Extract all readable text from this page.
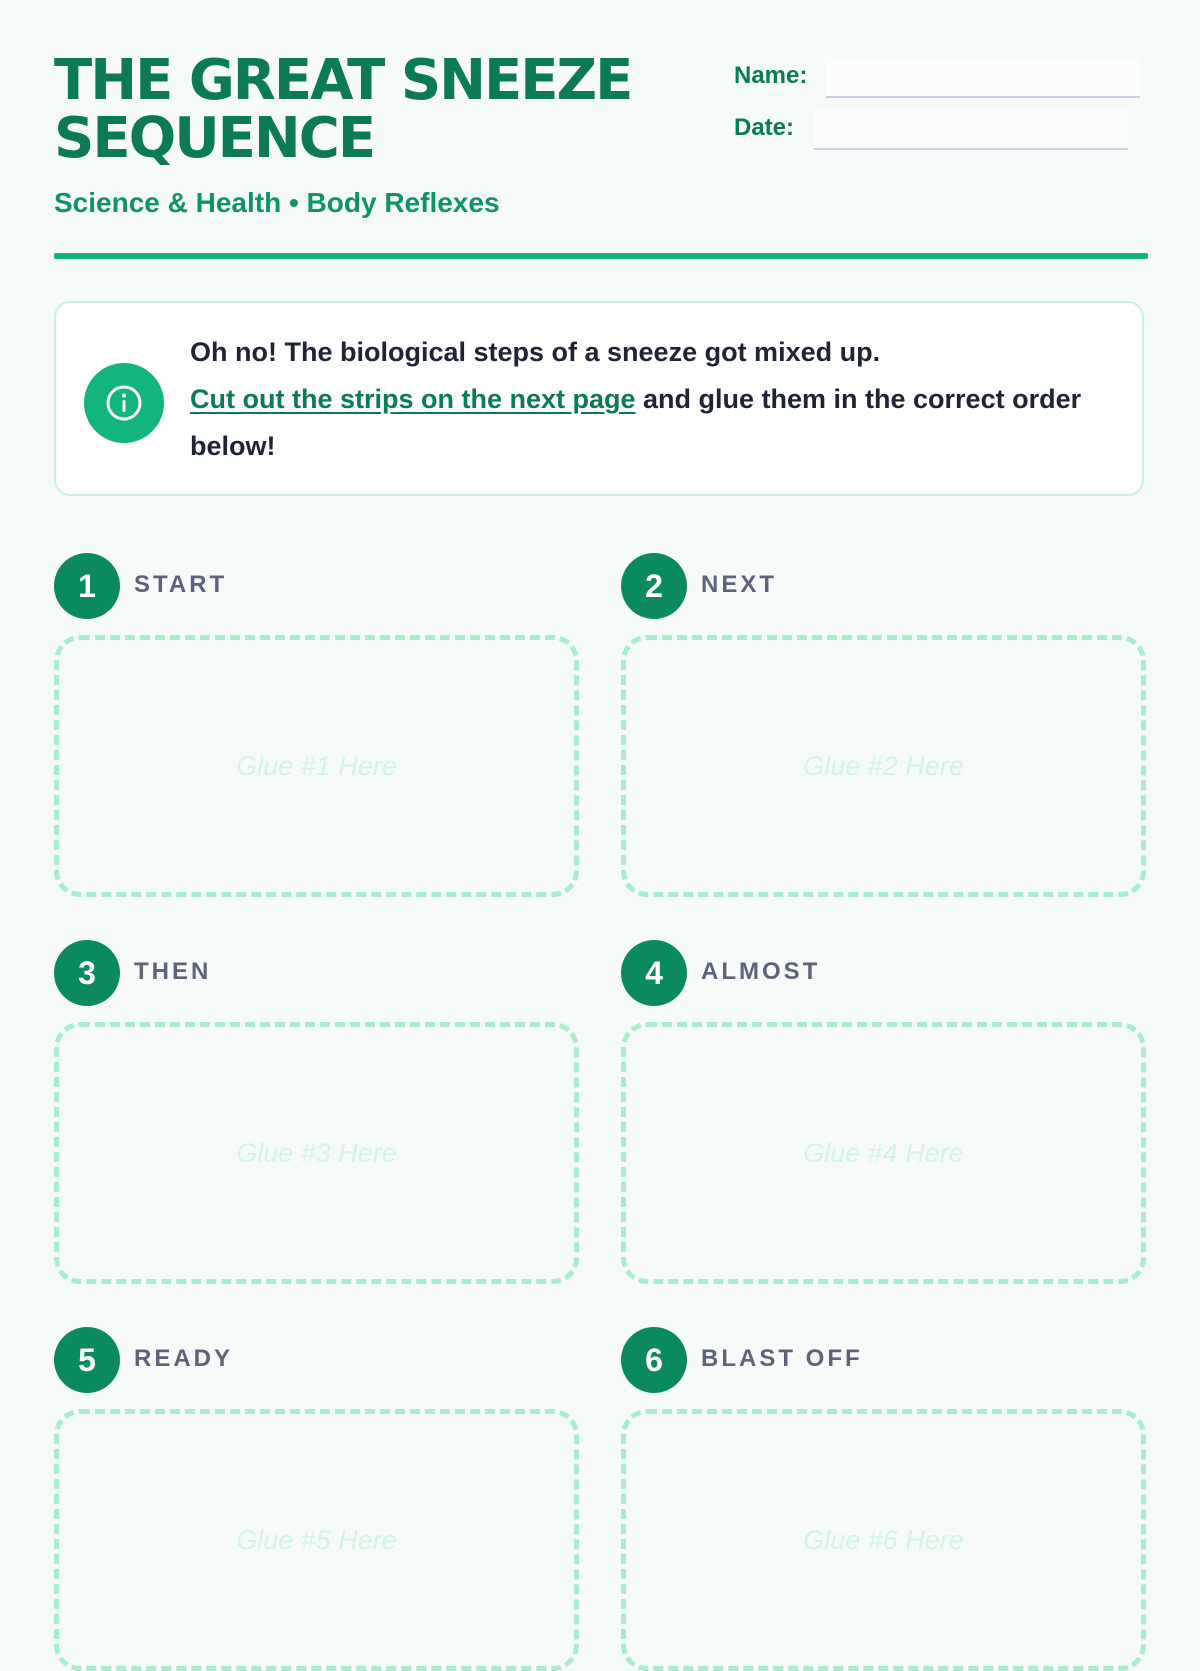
THE GREAT SNEEZE
SEQUENCE
Science & Health • Body Reflexes
Name:
Date:
Oh no! The biological steps of a sneeze got mixed up.
Cut out the strips on the next page and glue them in the correct order below!
1	START
Glue #1 Here
2	NEXT
Glue #2 Here
3	THEN
Glue #3 Here
4	ALMOST
Glue #4 Here
5	READY
Glue #5 Here
6	BLAST OFF
Glue #6 Here
